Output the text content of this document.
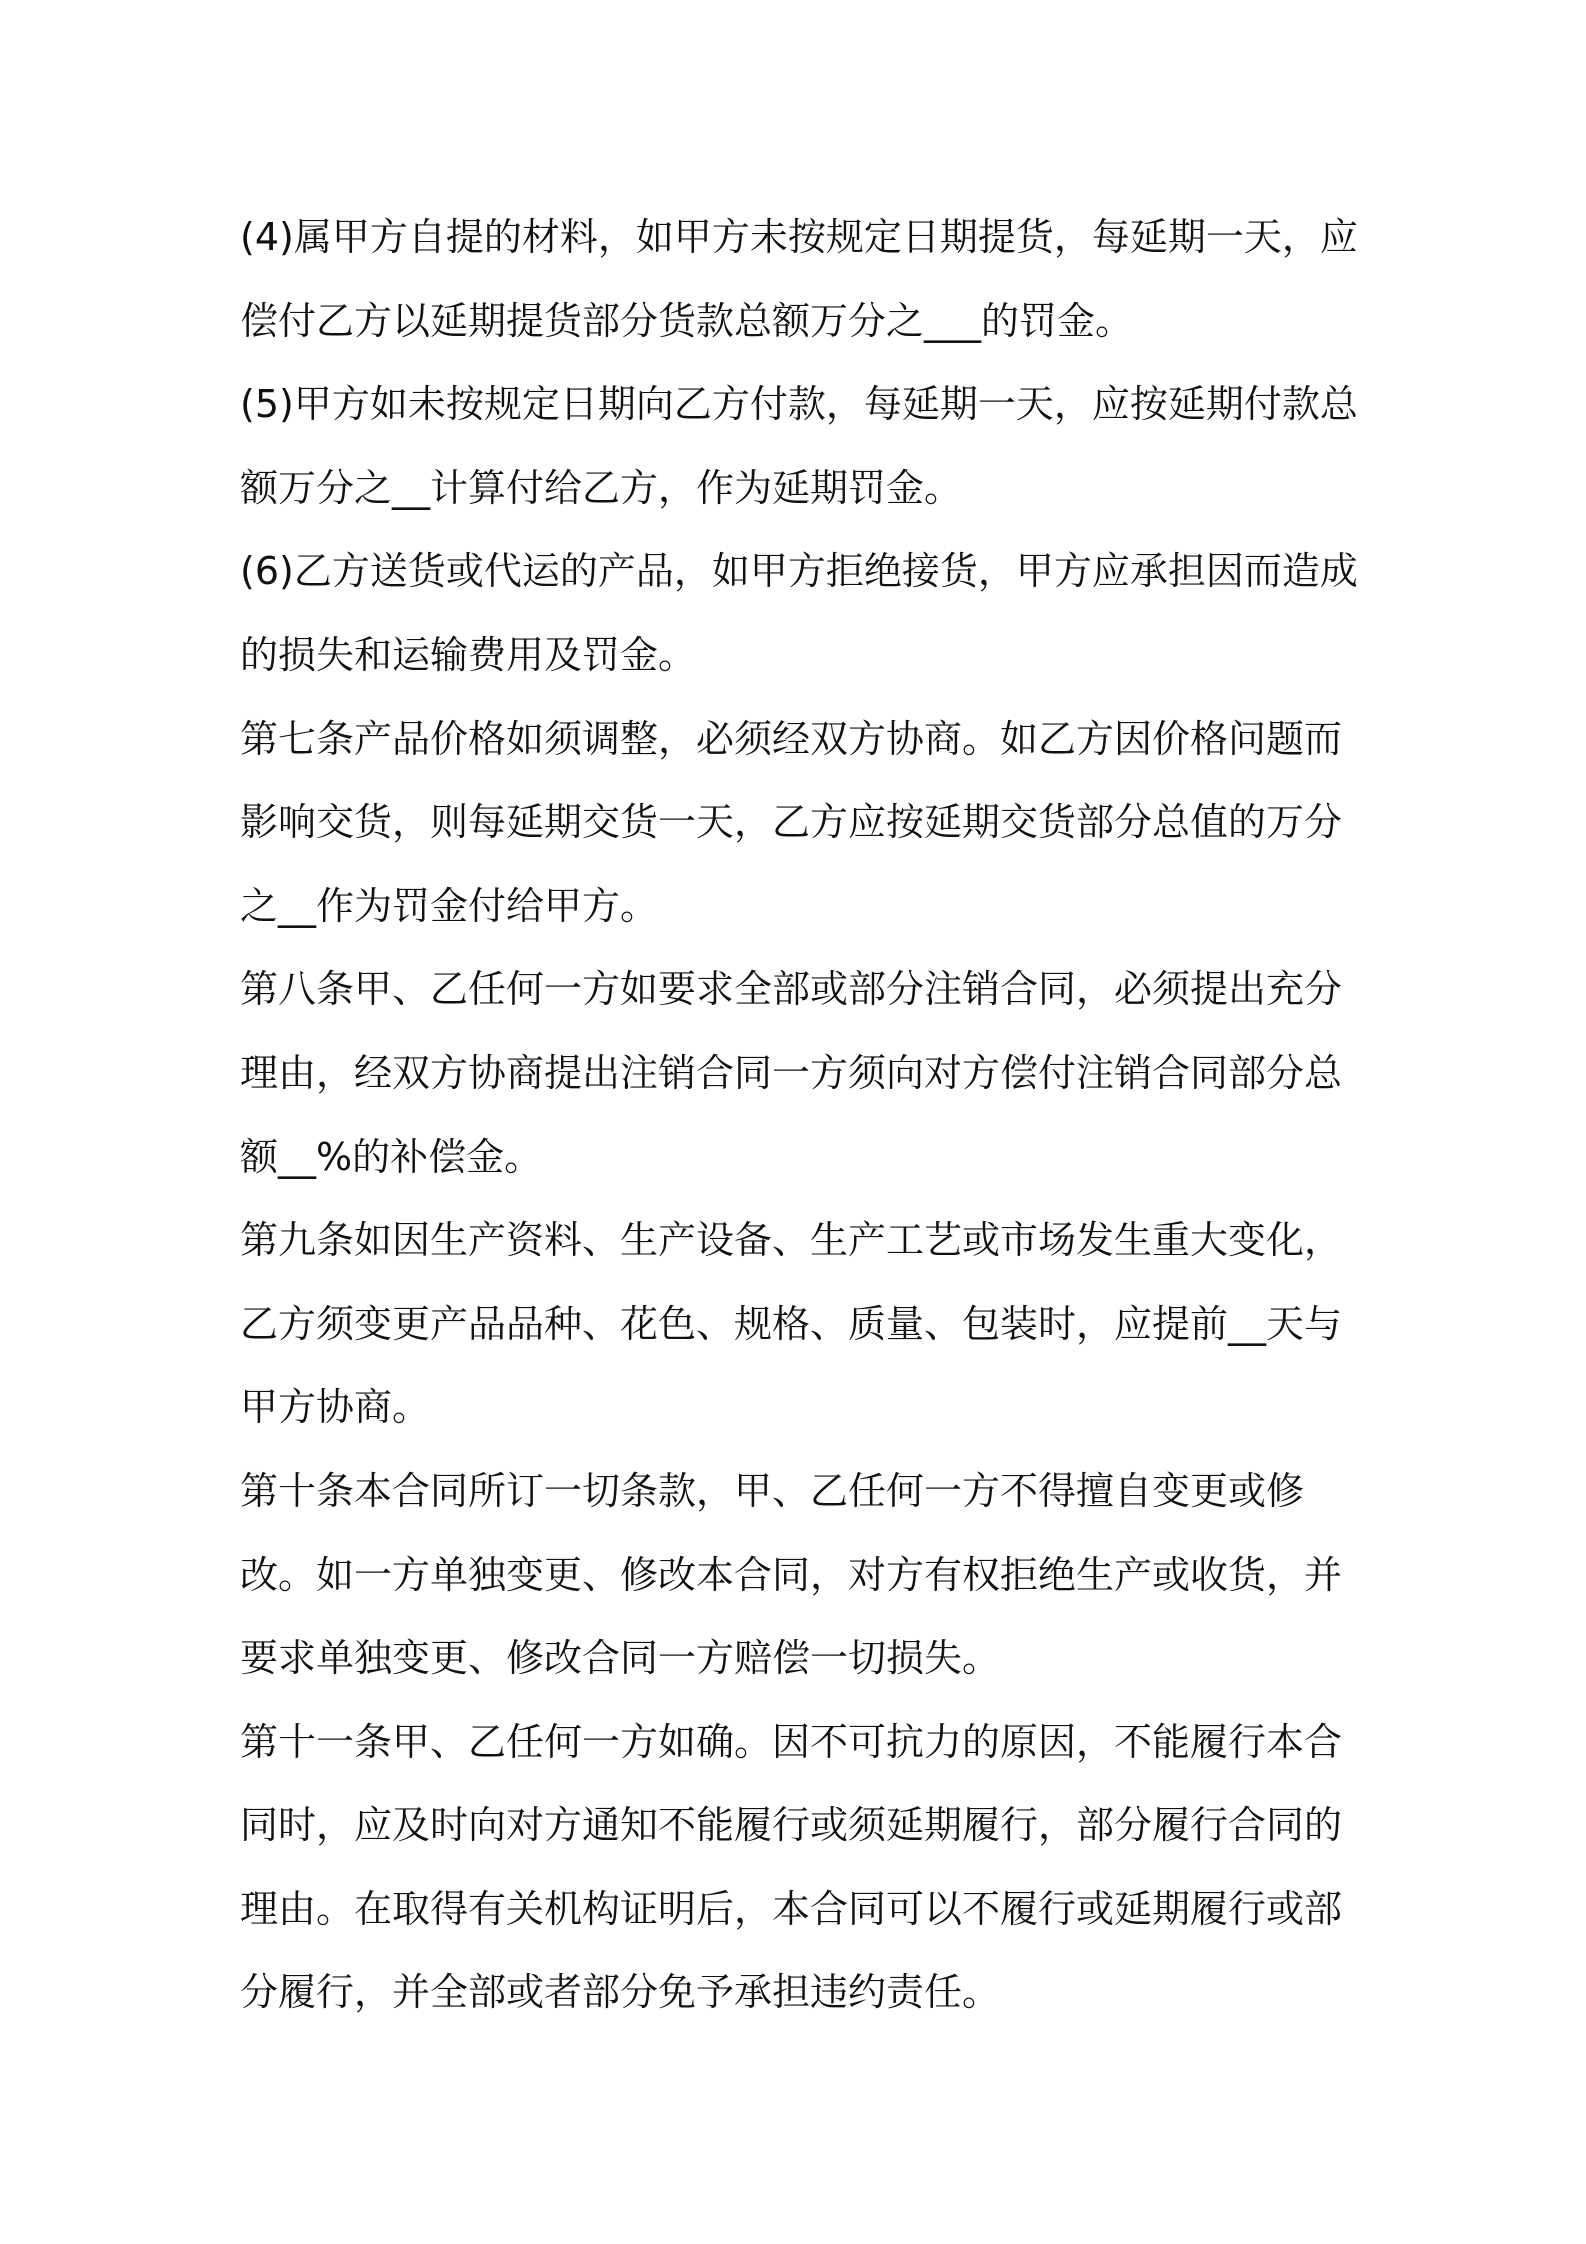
(4)属甲方自提的材料，如甲方未按规定日期提货，每延期一天，应偿付乙方以延期提货部分货款总额万分之___的罚金。

(5)甲方如未按规定日期向乙方付款，每延期一天，应按延期付款总额万分之__计算付给乙方，作为延期罚金。

(6)乙方送货或代运的产品，如甲方拒绝接货，甲方应承担因而造成的损失和运输费用及罚金。

第七条产品价格如须调整，必须经双方协商。如乙方因价格问题而影响交货，则每延期交货一天，乙方应按延期交货部分总值的万分之__作为罚金付给甲方。

第八条甲、乙任何一方如要求全部或部分注销合同，必须提出充分理由，经双方协商提出注销合同一方须向对方偿付注销合同部分总额__%的补偿金。

第九条如因生产资料、生产设备、生产工艺或市场发生重大变化，乙方须变更产品品种、花色、规格、质量、包装时，应提前__天与甲方协商。

第十条本合同所订一切条款，甲、乙任何一方不得擅自变更或修改。如一方单独变更、修改本合同，对方有权拒绝生产或收货，并要求单独变更、修改合同一方赔偿一切损失。

第十一条甲、乙任何一方如确。因不可抗力的原因，不能履行本合同时，应及时向对方通知不能履行或须延期履行，部分履行合同的理由。在取得有关机构证明后，本合同可以不履行或延期履行或部分履行，并全部或者部分免予承担违约责任。
